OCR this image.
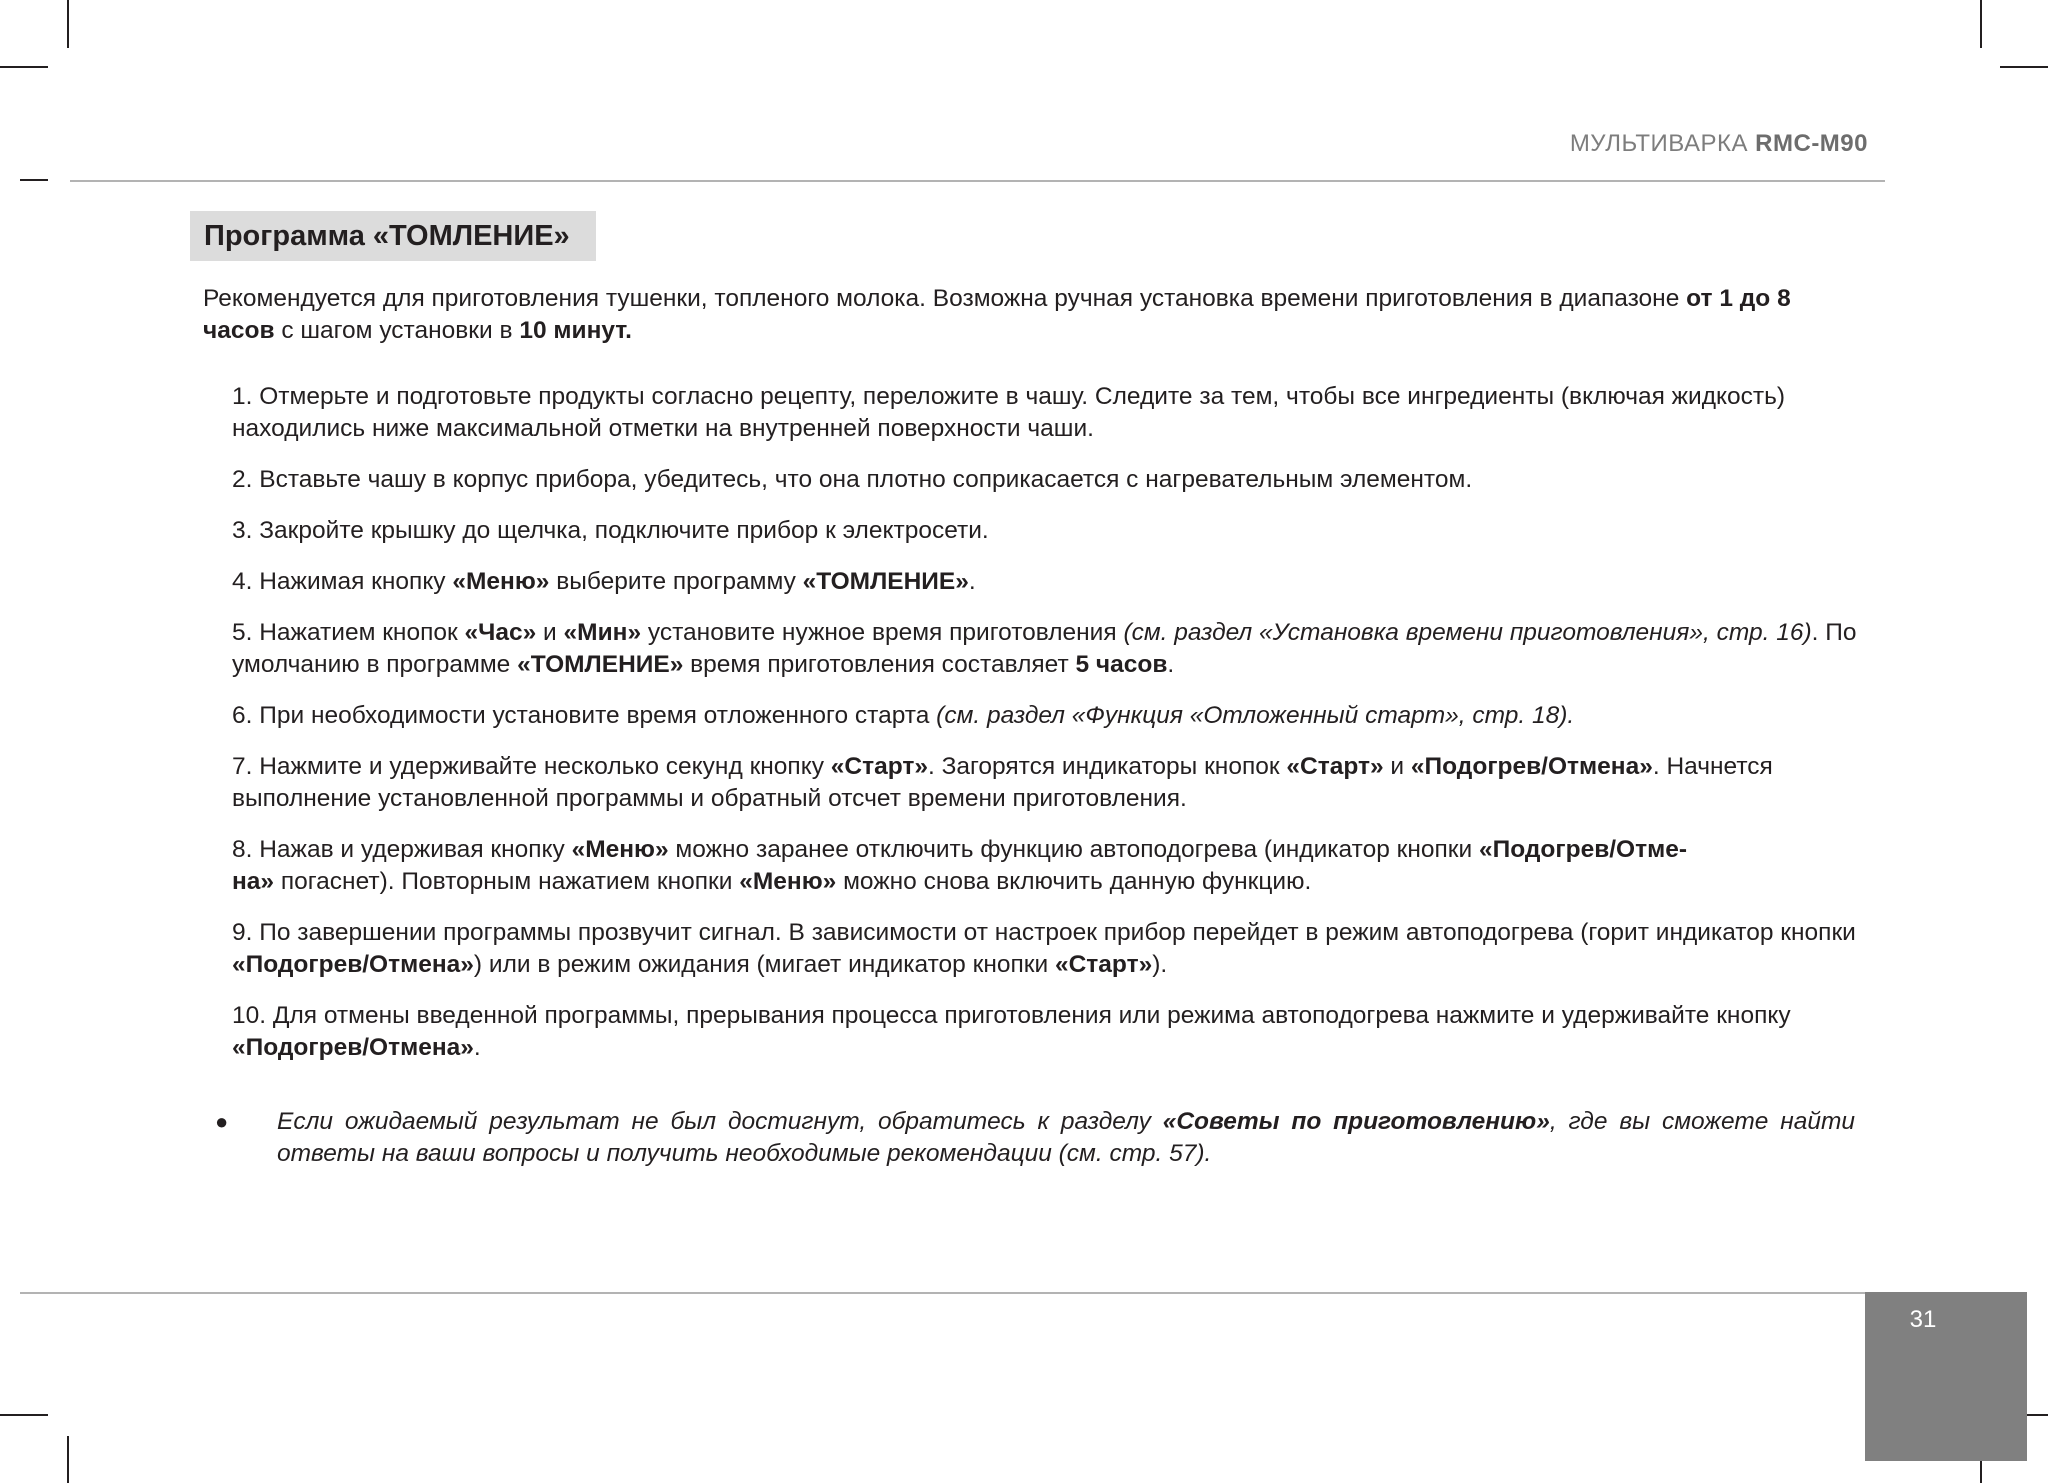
МУЛЬТИВАРКА RMC-M90
Программа «ТОМЛЕНИЕ»

Рекомендуется для приготовления тушенки, топленого молока. Возможна ручная установка времени приготовления в диапазоне от 1 до 8 часов с шагом установки в 10 минут.

1. Отмерьте и подготовьте продукты согласно рецепту, переложите в чашу. Следите за тем, чтобы все ингредиенты (включая жидкость) находились ниже максимальной отметки на внутренней поверхности чаши.

2. Вставьте чашу в корпус прибора, убедитесь, что она плотно соприкасается с нагревательным элементом.

3. Закройте крышку до щелчка, подключите прибор к электросети.

4. Нажимая кнопку «Меню» выберите программу «ТОМЛЕНИЕ».

5. Нажатием кнопок «Час» и «Мин» установите нужное время приготовления (см. раздел «Установка времени приготовления», стр. 16). По умолчанию в программе «ТОМЛЕНИЕ» время приготовления составляет 5 часов.

6. При необходимости установите время отложенного старта (см. раздел «Функция «Отложенный старт», стр. 18).

7. Нажмите и удерживайте несколько секунд кнопку «Старт». Загорятся индикаторы кнопок «Старт» и «Подогрев/Отмена». Начнется выполнение установленной программы и обратный отсчет времени приготовления.

8. Нажав и удерживая кнопку «Меню» можно заранее отключить функцию автоподогрева (индикатор кнопки «Подогрев/Отме-
на» погаснет). Повторным нажатием кнопки «Меню» можно снова включить данную функцию.

9. По завершении программы прозвучит сигнал. В зависимости от настроек прибор перейдет в режим автоподогрева (горит индикатор кнопки «Подогрев/Отмена») или в режим ожидания (мигает индикатор кнопки «Старт»).

10. Для отмены введенной программы, прерывания процесса приготовления или режима автоподогрева нажмите и удерживайте кнопку «Подогрев/Отмена».

●	Если ожидаемый результат не был достигнут, обратитесь к разделу «Советы по приготовлению», где вы сможете найти ответы на ваши вопросы и получить необходимые рекомендации (см. стр. 57).
31
